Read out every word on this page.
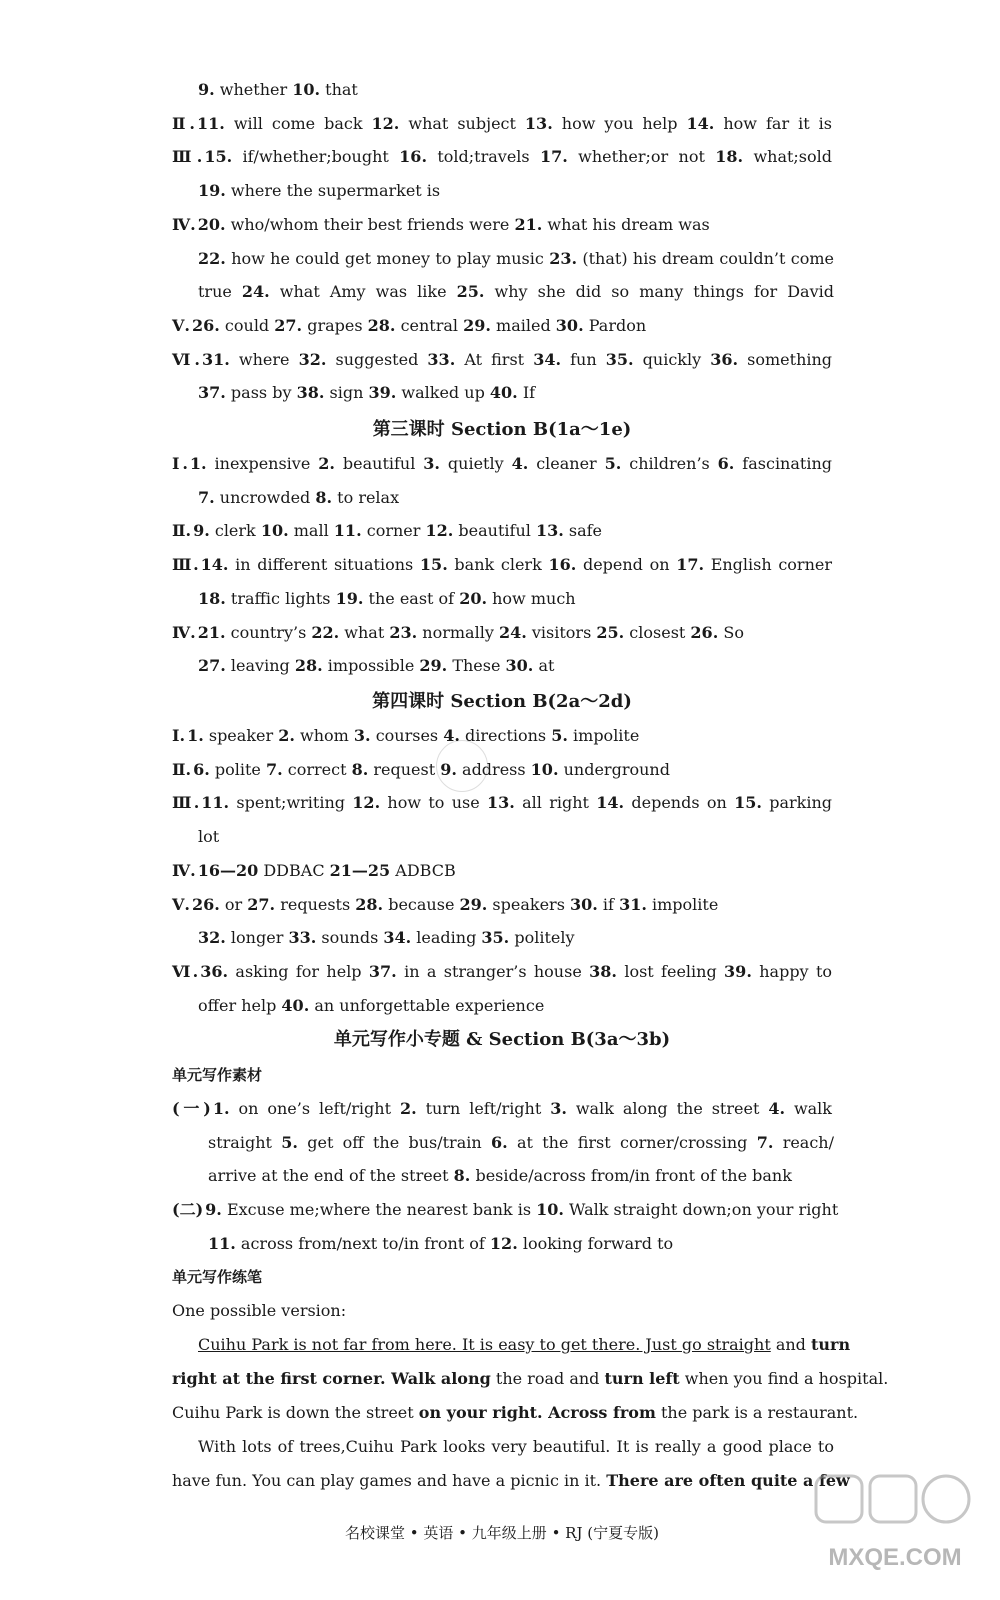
9. whether 10. that
Ⅱ. 11. will come back 12. what subject 13. how you help 14. how far it is
Ⅲ. 15. if/whether;bought 16. told;travels 17. whether;or not 18. what;sold
19. where the supermarket is
Ⅳ. 20. who/whom their best friends were 21. what his dream was
22. how he could get money to play music 23. (that) his dream couldn’t come
true 24. what Amy was like 25. why she did so many things for David
Ⅴ. 26. could 27. grapes 28. central 29. mailed 30. Pardon
Ⅵ. 31. where 32. suggested 33. At first 34. fun 35. quickly 36. something
37. pass by 38. sign 39. walked up 40. If
第三课时 Section B(1a～1e)
Ⅰ. 1. inexpensive 2. beautiful 3. quietly 4. cleaner 5. children’s 6. fascinating
7. uncrowded 8. to relax
Ⅱ. 9. clerk 10. mall 11. corner 12. beautiful 13. safe
Ⅲ. 14. in different situations 15. bank clerk 16. depend on 17. English corner
18. traffic lights 19. the east of 20. how much
Ⅳ. 21. country’s 22. what 23. normally 24. visitors 25. closest 26. So
27. leaving 28. impossible 29. These 30. at
第四课时 Section B(2a～2d)
Ⅰ. 1. speaker 2. whom 3. courses 4. directions 5. impolite
Ⅱ. 6. polite 7. correct 8. request 9. address 10. underground
Ⅲ. 11. spent;writing 12. how to use 13. all right 14. depends on 15. parking
lot
Ⅳ. 16—20 DDBAC 21—25 ADBCB
Ⅴ. 26. or 27. requests 28. because 29. speakers 30. if 31. impolite
32. longer 33. sounds 34. leading 35. politely
Ⅵ. 36. asking for help 37. in a stranger’s house 38. lost feeling 39. happy to
offer help 40. an unforgettable experience
单元写作小专题 & Section B(3a～3b)
单元写作素材
(一) 1. on one’s left/right 2. turn left/right 3. walk along the street 4. walk
straight 5. get off the bus/train 6. at the first corner/crossing 7. reach/
arrive at the end of the street 8. beside/across from/in front of the bank
(二) 9. Excuse me;where the nearest bank is 10. Walk straight down;on your right
11. across from/next to/in front of 12. looking forward to
单元写作练笔
One possible version:
Cuihu Park is not far from here. It is easy to get there. Just go straight and turn
right at the first corner. Walk along the road and turn left when you find a hospital.
Cuihu Park is down the street on your right. Across from the park is a restaurant.
With lots of trees,Cuihu Park looks very beautiful. It is really a good place to
have fun. You can play games and have a picnic in it. There are often quite a few
名校课堂 • 英语 • 九年级上册 • RJ (宁夏专版)
MXQE.COM
